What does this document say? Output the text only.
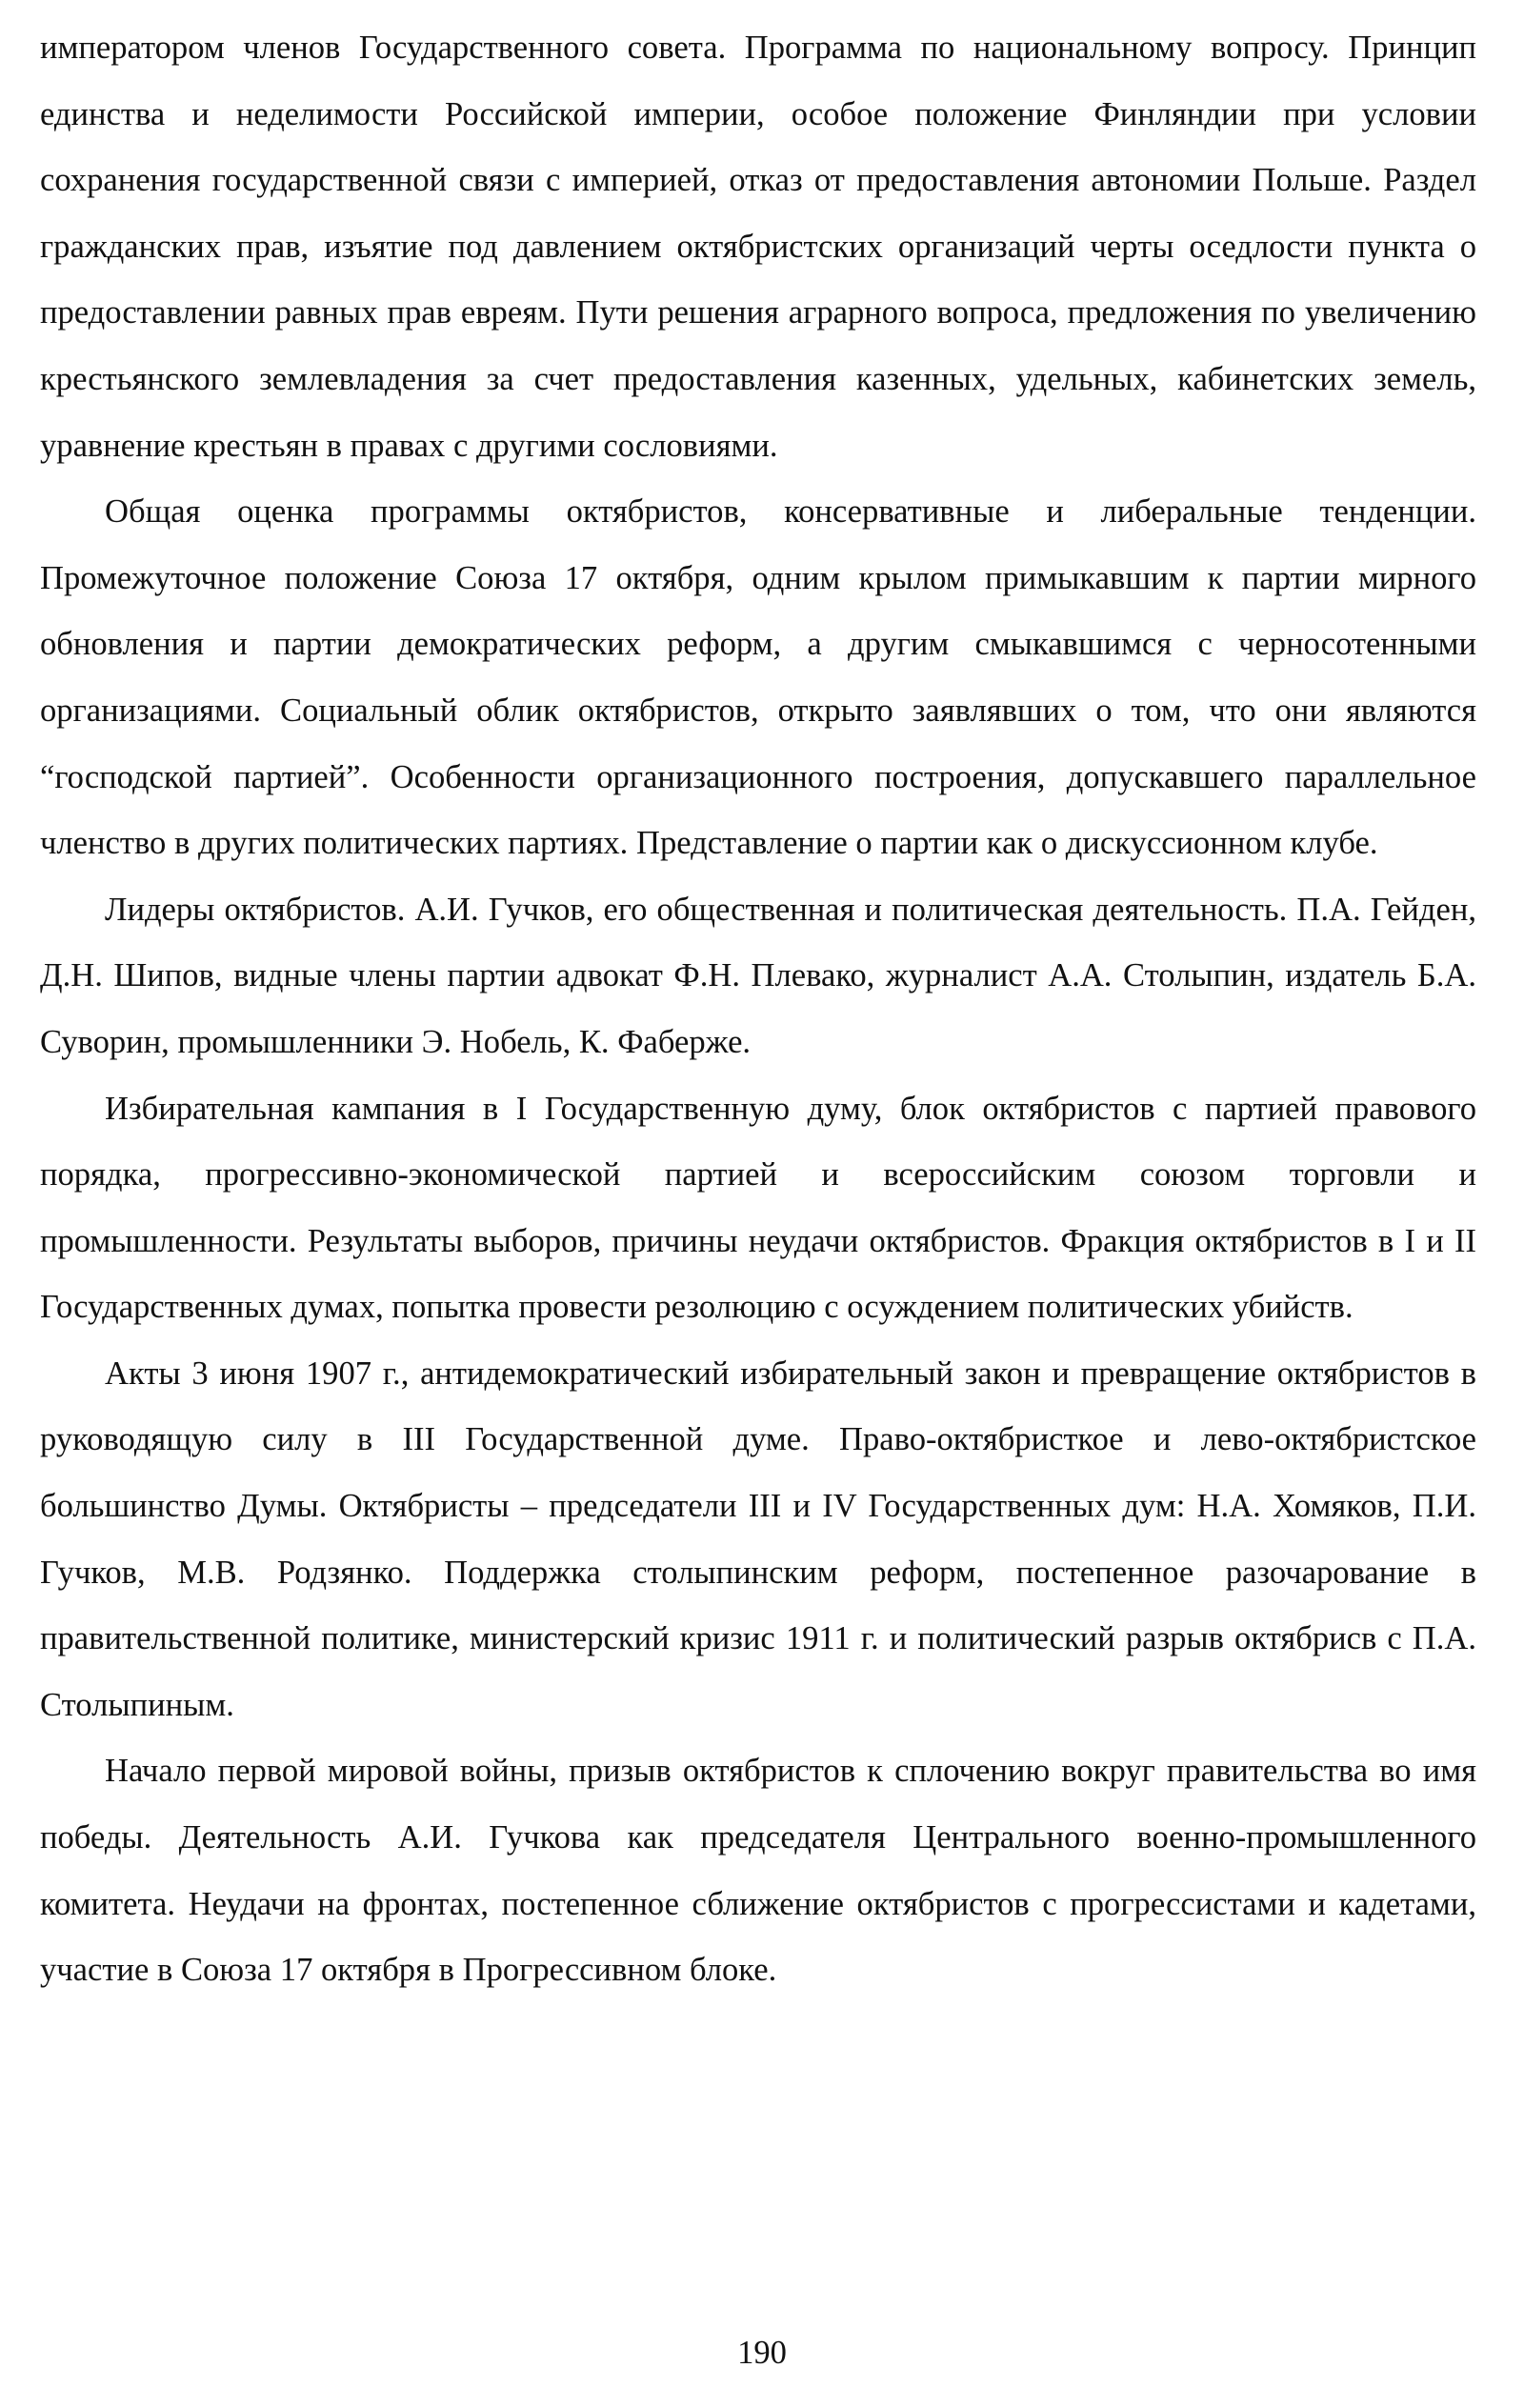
императором членов Государственного совета. Программа по национальному вопросу. Принцип единства и неделимости Российской империи, особое положение Финляндии при условии сохранения государственной связи с империей, отказ от предоставления автономии Польше. Раздел гражданских прав, изъятие под давлением октябристских организаций черты оседлости пункта о предоставлении равных прав евреям. Пути решения аграрного вопроса, предложения по увеличению крестьянского землевладения за счет предоставления казенных, удельных, кабинетских земель, уравнение крестьян в правах с другими сословиями.

Общая оценка программы октябристов, консервативные и либеральные тенденции. Промежуточное положение Союза 17 октября, одним крылом примыкавшим к партии мирного обновления и партии демократических реформ, а другим смыкавшимся с черносотенными организациями. Социальный облик октябристов, открыто заявлявших о том, что они являются “господской партией”. Особенности организационного построения, допускавшего параллельное членство в других политических партиях. Представление о партии как о дискуссионном клубе.

Лидеры октябристов. А.И. Гучков, его общественная и политическая деятельность. П.А. Гейден, Д.Н. Шипов, видные члены партии адвокат Ф.Н. Плевако, журналист А.А. Столыпин, издатель Б.А. Суворин, промышленники Э. Нобель, К. Фаберже.

Избирательная кампания в I Государственную думу, блок октябристов с партией правового порядка, прогрессивно-экономической партией и всероссийским союзом торговли и промышленности. Результаты выборов, причины неудачи октябристов. Фракция октябристов в I и II Государственных думах, попытка провести резолюцию с осуждением политических убийств.

Акты 3 июня 1907 г., антидемократический избирательный закон и превращение октябристов в руководящую силу в III Государственной думе. Право-октябристкое и лево-октябристское большинство Думы. Октябристы – председатели III и IV Государственных дум: Н.А. Хомяков, П.И. Гучков, М.В. Родзянко. Поддержка столыпинским реформ, постепенное разочарование в правительственной политике, министерский кризис 1911 г. и политический разрыв октябрисв с П.А. Столыпиным.

Начало первой мировой войны, призыв октябристов к сплочению вокруг правительства во имя победы. Деятельность А.И. Гучкова как председателя Центрального военно-промышленного комитета. Неудачи на фронтах, постепенное сближение октябристов с прогрессистами и кадетами, участие в Союза 17 октября в Прогрессивном блоке.

190
